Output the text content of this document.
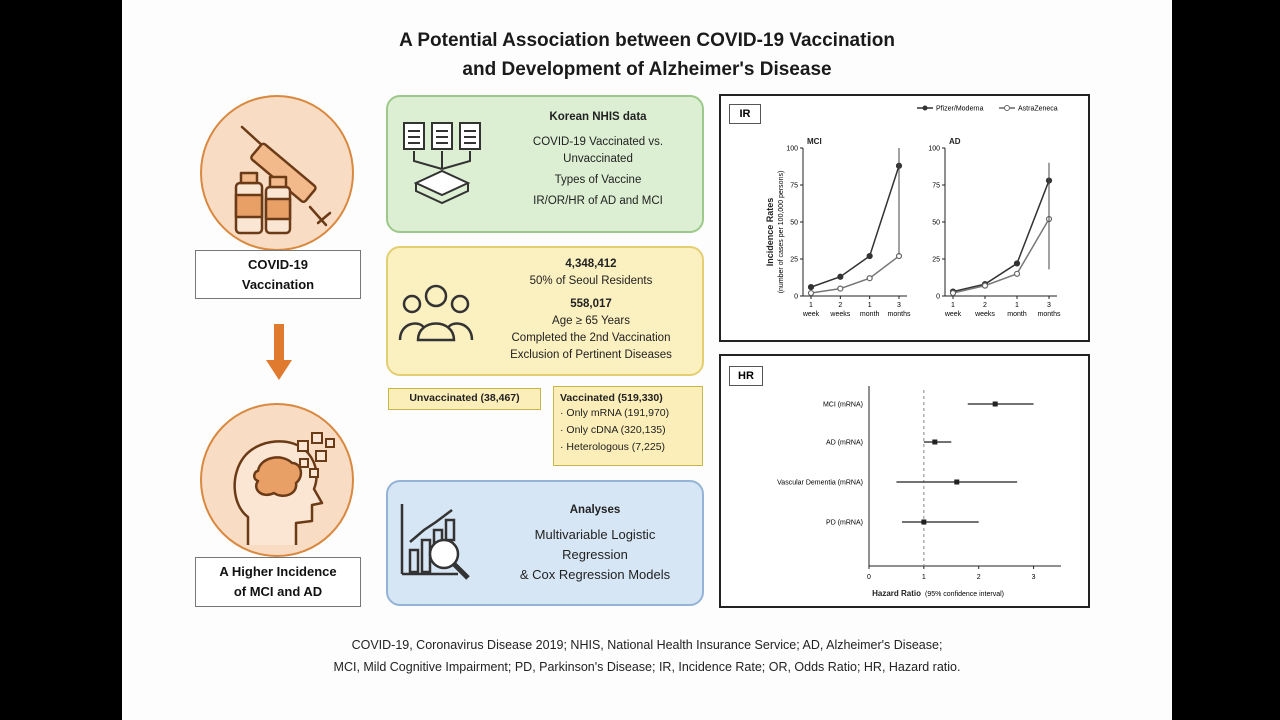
A Potential Association between COVID-19 Vaccination
and Development of Alzheimer's Disease
COVID-19
Vaccination
A Higher Incidence
of MCI and AD
Korean NHIS data
COVID-19 Vaccinated vs.
Unvaccinated
Types of Vaccine
IR/OR/HR of AD and MCI
4,348,412
50% of Seoul Residents
558,017
Age ≥ 65 Years
Completed the 2nd Vaccination
Exclusion of Pertinent Diseases
Unvaccinated (38,467)	Vaccinated (519,330)
· Only mRNA (191,970)
· Only cDNA (320,135)
· Heterologous (7,225)
Analyses
Multivariable Logistic
Regression
& Cox Regression Models
IR	Pfizer/Moderna	AstraZeneca
Incidence Rates (number of cases per 100,000 persons)
MCI	AD
0
25
50
75
100
1
week
2
weeks
1
month
3
months
0
25
50
75
100
1
week
2
weeks
1
month
3
months
HR
0	1	2	3
MCI (mRNA)
AD (mRNA)
Vascular Dementia (mRNA)
PD (mRNA)
Hazard Ratio (95% confidence interval)
COVID-19, Coronavirus Disease 2019; NHIS, National Health Insurance Service; AD, Alzheimer's Disease;
MCI, Mild Cognitive Impairment; PD, Parkinson's Disease; IR, Incidence Rate; OR, Odds Ratio; HR, Hazard ratio.
